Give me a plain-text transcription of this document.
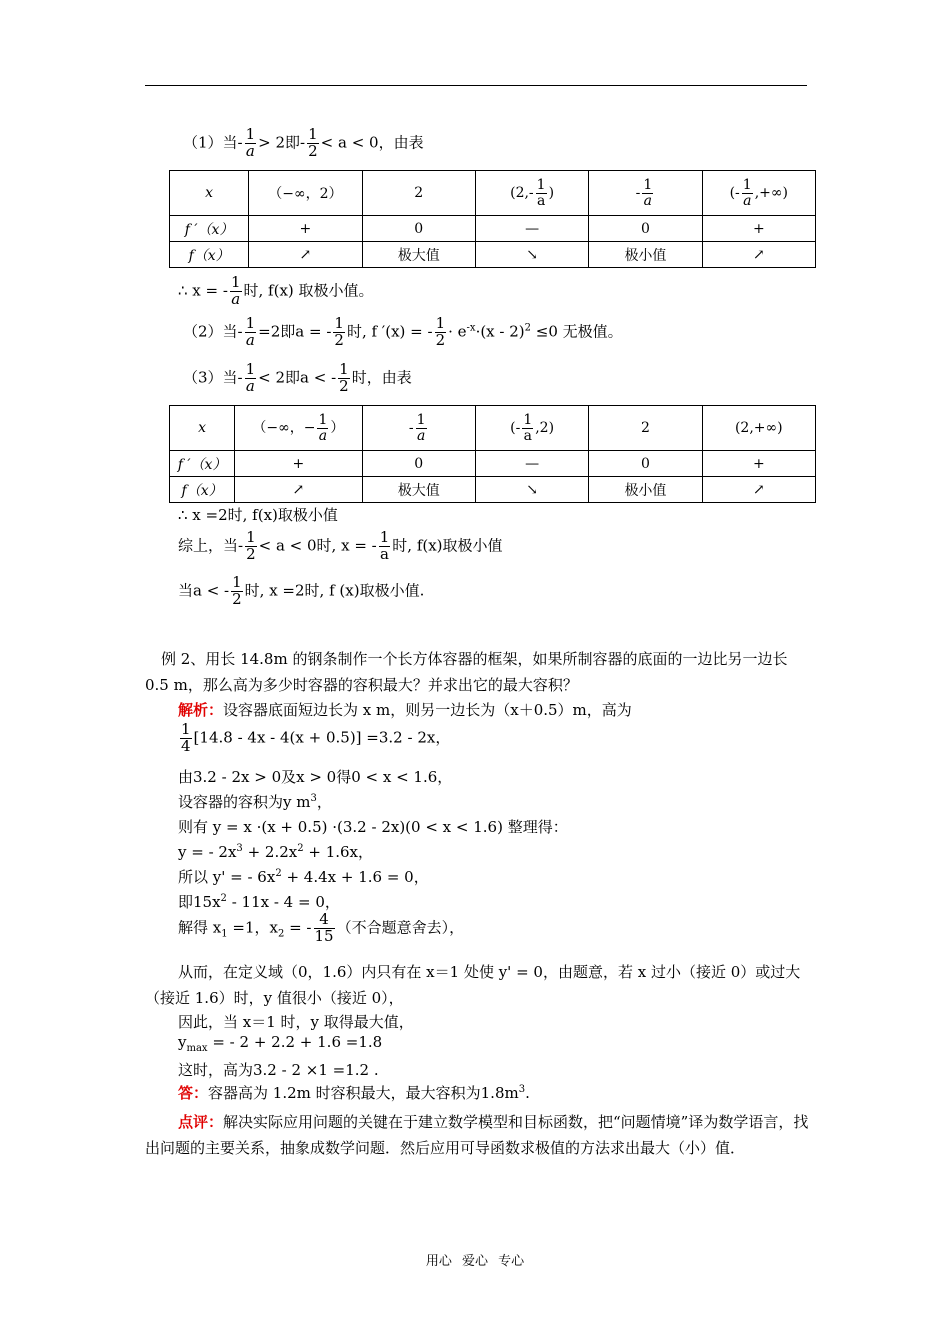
（1）当- $\frac{1}{a} > 2$即- $\frac{1}{2} < a < 0$，由表
x	（−∞，2）	2	($2,- \frac{1}{a}$ )	- $\frac{1}{a}$	(- $\frac{1}{a}$ ,+∞)
f ′（x）	+	0	—	0	+
f（x）	↗	极大值	↘	极小值	↗
∴ x = - $\frac{1}{a}$ 时, f(x) 取极小值。
（2）当- $\frac{1}{a} =2$即a = - $\frac{1}{2}$ 时, f ′(x) = - $\frac{1}{2} \cdot e^{-x}\cdot(x - 2)^2 \le 0$ 无极值。
（3）当- $\frac{1}{a} < 2$即a < - $\frac{1}{2}$ 时，由表
x	（−∞，− $\frac{1}{a}$ ）	- $\frac{1}{a}$	(- $\frac{1}{a} ,2$)	2	(2,+∞)
f ′（x）	+	0	—	0	+
f（x）	↗	极大值	↘	极小值	↗
∴ x =2时, f(x)取极小值
综上，当- $\frac{1}{2} < a < 0$时, x = - $\frac{1}{a}$ 时, f(x)取极小值
当a < - $\frac{1}{2}$ 时, x =2时, f (x)取极小值.
例 2、用长 14.8m 的钢条制作一个长方体容器的框架，如果所制容器的底面的一边比另一边长 0.5 m，那么高为多少时容器的容积最大？并求出它的最大容积？
解析：设容器底面短边长为 x m，则另一边长为（x＋0.5）m，高为
$\frac{1}{4} [14.8 - 4x - 4(x + 0.5)] =3.2 - 2x$，
由3.2 - 2x > 0及x > 0得0 < x < 1.6，
设容器的容积为y $m^3$，
则有 y = x ·(x + 0.5) ·(3.2 - 2x)(0 < x < 1.6) 整理得：
y = - $2x^3 + 2.2x^2 + 1.6x$，
所以 y' = - $6x^2 + 4.4x + 1.6 = 0$，
即$15x^2 - 11x - 4 = 0$，
解得 $x_1 =1$，$x_2$ = - $\frac{4}{15}$ （不合题意舍去），
从而，在定义域（0，1.6）内只有在 x＝1 处使 y' = 0，由题意，若 x 过小（接近 0）或过大（接近 1.6）时，y 值很小（接近 0），
因此，当 x＝1 时，y 取得最大值，
$y_{max}$ = - 2 + 2.2 + 1.6 =1.8
这时，高为3.2 - 2 ×1 =1.2 .
答：容器高为 1.2m 时容积最大，最大容积为$1.8m^3$.
点评：解决实际应用问题的关键在于建立数学模型和目标函数，把“问题情境”译为数学语言，找出问题的主要关系，抽象成数学问题．然后应用可导函数求极值的方法求出最大（小）值．
用心 爱心 专心
